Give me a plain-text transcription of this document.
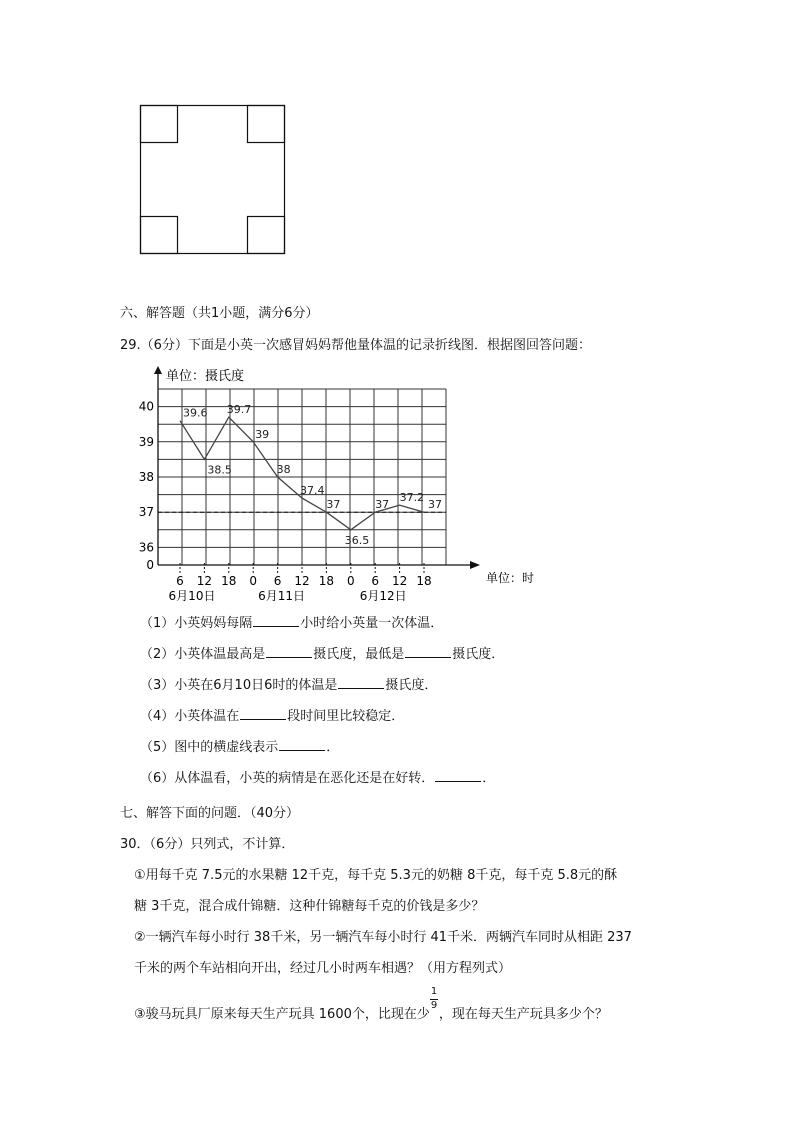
六、解答题（共1小题，满分6分）
29.（6分）下面是小英一次感冒妈妈帮他量体温的记录折线图．根据图回答问题：
单位：摄氏度
单位：时
0
36
37
38
39
40
6 12 18 0 6 12 18 0 6 12 18
6月10日	6月11日	6月12日
39.6
38.5
39.7
39
38
37.4
37
36.5
37
37.2
37
（1）小英妈妈每隔	小时给小英量一次体温．
（2）小英体温最高是	摄氏度，最低是	摄氏度．
（3）小英在6月10日6时的体温是	摄氏度．
（4）小英体温在	段时间里比较稳定．
（5）图中的横虚线表示	．
（6）从体温看，小英的病情是在恶化还是在好转．	．
七、解答下面的问题．（40分）
30．（6分）只列式，不计算．
①用每千克 7.5元的水果糖 12千克，每千克 5.3元的奶糖 8千克，每千克 5.8元的酥
糖 3千克，混合成什锦糖．这种什锦糖每千克的价钱是多少？
②一辆汽车每小时行 38千米，另一辆汽车每小时行 41千米．两辆汽车同时从相距 237
千米的两个车站相向开出，经过几小时两车相遇？（用方程列式）
③骏马玩具厂原来每天生产玩具 1600个，比现在少 $\frac{1}{9}$ ，现在每天生产玩具多少个？
